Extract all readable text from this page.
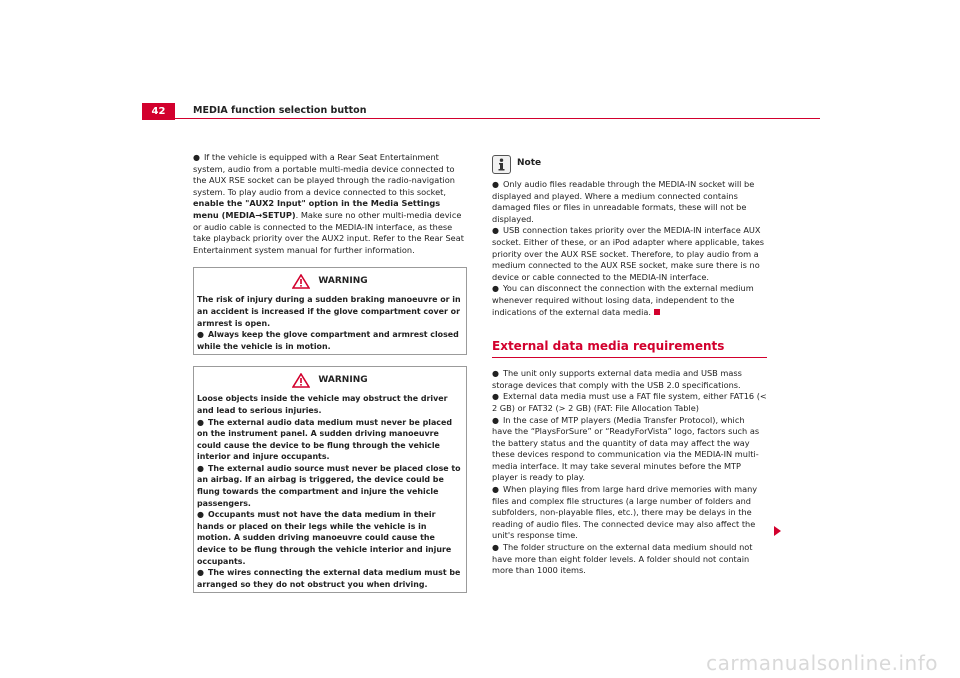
42	MEDIA function selection button

● If the vehicle is equipped with a Rear Seat Entertainment system, audio from a portable multi-media device connected to the AUX RSE socket can be played through the radio-navigation system. To play audio from a device connected to this socket, enable the "AUX2 Input" option in the Media Settings menu (MEDIA→SETUP). Make sure no other multi-media device or audio cable is connected to the MEDIA-IN interface, as these take playback priority over the AUX2 input. Refer to the Rear Seat Entertainment system manual for further information.

WARNING

The risk of injury during a sudden braking manoeuvre or in an accident is increased if the glove compartment cover or armrest is open.

● Always keep the glove compartment and armrest closed while the vehicle is in motion.

WARNING

Loose objects inside the vehicle may obstruct the driver and lead to serious injuries.

● The external audio data medium must never be placed on the instrument panel. A sudden driving manoeuvre could cause the device to be flung through the vehicle interior and injure occupants.

● The external audio source must never be placed close to an airbag. If an airbag is triggered, the device could be flung towards the compartment and injure the vehicle passengers.

● Occupants must not have the data medium in their hands or placed on their legs while the vehicle is in motion. A sudden driving manoeuvre could cause the device to be flung through the vehicle interior and injure occupants.

● The wires connecting the external data medium must be arranged so they do not obstruct you when driving.

Note

● Only audio files readable through the MEDIA-IN socket will be displayed and played. Where a medium connected contains damaged files or files in unreadable formats, these will not be displayed.

● USB connection takes priority over the MEDIA-IN interface AUX socket. Either of these, or an iPod adapter where applicable, takes priority over the AUX RSE socket. Therefore, to play audio from a medium connected to the AUX RSE socket, make sure there is no device or cable connected to the MEDIA-IN interface.

● You can disconnect the connection with the external medium whenever required without losing data, independent to the indications of the external data media.

External data media requirements

● The unit only supports external data media and USB mass storage devices that comply with the USB 2.0 specifications.

● External data media must use a FAT file system, either FAT16 (< 2 GB) or FAT32 (> 2 GB) (FAT: File Allocation Table)

● In the case of MTP players (Media Transfer Protocol), which have the “PlaysForSure” or “ReadyForVista” logo, factors such as the battery status and the quantity of data may affect the way these devices respond to communication via the MEDIA-IN multi-media interface. It may take several minutes before the MTP player is ready to play.

● When playing files from large hard drive memories with many files and complex file structures (a large number of folders and subfolders, non-playable files, etc.), there may be delays in the reading of audio files. The connected device may also affect the unit's response time.

● The folder structure on the external data medium should not have more than eight folder levels. A folder should not contain more than 1000 items.

carmanualsonline.info
